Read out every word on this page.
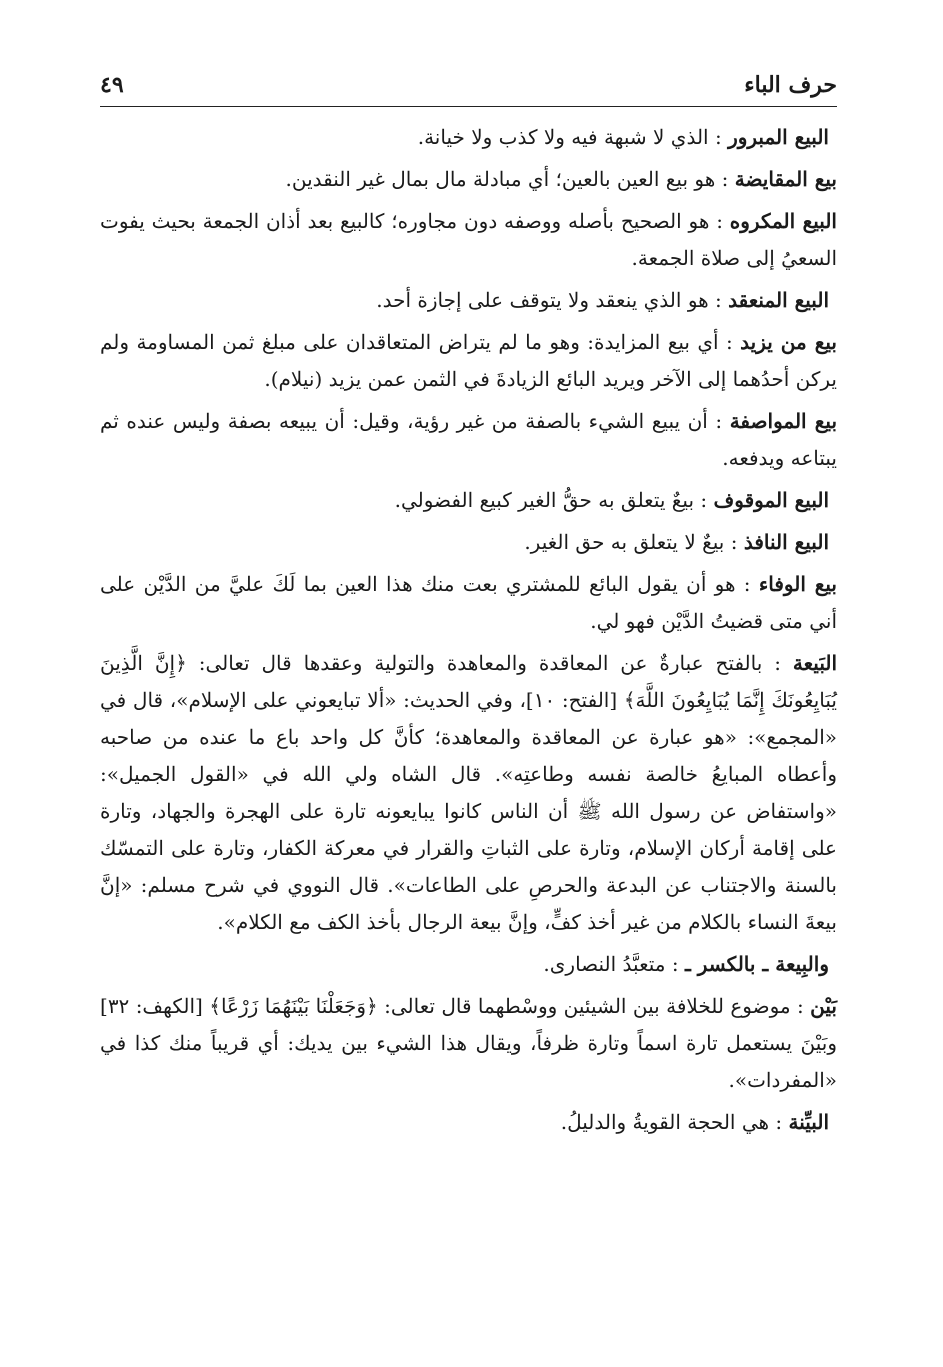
حرف الباء
٤٩

البيع المبرور : الذي لا شبهة فيه ولا كذب ولا خيانة.

بيع المقايضة : هو بيع العين بالعين؛ أي مبادلة مال بمال غير النقدين.

البيع المكروه : هو الصحيح بأصله ووصفه دون مجاوره؛ كالبيع بعد أذان الجمعة بحيث يفوت السعيُ إلى صلاة الجمعة.

البيع المنعقد : هو الذي ينعقد ولا يتوقف على إجازة أحد.

بيع من يزيد : أي بيع المزايدة: وهو ما لم يتراض المتعاقدان على مبلغ ثمن المساومة ولم يركن أحدُهما إلى الآخر ويريد البائع الزيادةَ في الثمن عمن يزيد (نيلام).

بيع المواصفة : أن يبيع الشيء بالصفة من غير رؤية، وقيل: أن يبيعه بصفة وليس عنده ثم يبتاعه ويدفعه.

البيع الموقوف : بيعٌ يتعلق به حقُّ الغير كبيع الفضولي.

البيع النافذ : بيعٌ لا يتعلق به حق الغير.

بيع الوفاء : هو أن يقول البائع للمشتري بعت منك هذا العين بما لَكَ عليَّ من الدَّيْن على أني متى قضيتُ الدَّيْن فهو لي.

البَيعة : بالفتح عبارةٌ عن المعاقدة والمعاهدة والتولية وعقدها قال تعالى: ﴿إِنَّ الَّذِينَ يُبَايِعُونَكَ إِنَّمَا يُبَايِعُونَ اللَّهَ﴾ [الفتح: ١٠]، وفي الحديث: «ألا تبايعوني على الإسلام»، قال في «المجمع»: «هو عبارة عن المعاقدة والمعاهدة؛ كأنَّ كل واحد باع ما عنده من صاحبه وأعطاه المبايعُ خالصة نفسه وطاعتِه». قال الشاه ولي الله في «القول الجميل»: «واستفاض عن رسول الله ﷺ أن الناس كانوا يبايعونه تارة على الهجرة والجهاد، وتارة على إقامة أركان الإسلام، وتارة على الثباتِ والقرار في معركة الكفار، وتارة على التمسّك بالسنة والاجتناب عن البدعة والحرصِ على الطاعات». قال النووي في شرح مسلم: «إنَّ بيعةَ النساء بالكلام من غير أخذ كفٍّ، وإنَّ بيعة الرجال بأخذ الكف مع الكلام».

والبِيعة ـ بالكسر ـ : متعبَّدُ النصارى.

بَيْن : موضوع للخلافة بين الشيئين ووسْطهما قال تعالى: ﴿وَجَعَلْنَا بَيْنَهُمَا زَرْعًا﴾ [الكهف: ٣٢] وبَيْنَ يستعمل تارة اسماً وتارة ظرفاً، ويقال هذا الشيء بين يديك: أي قريباً منك كذا في «المفردات».

البيِّنة : هي الحجة القويةُ والدليلُ.
